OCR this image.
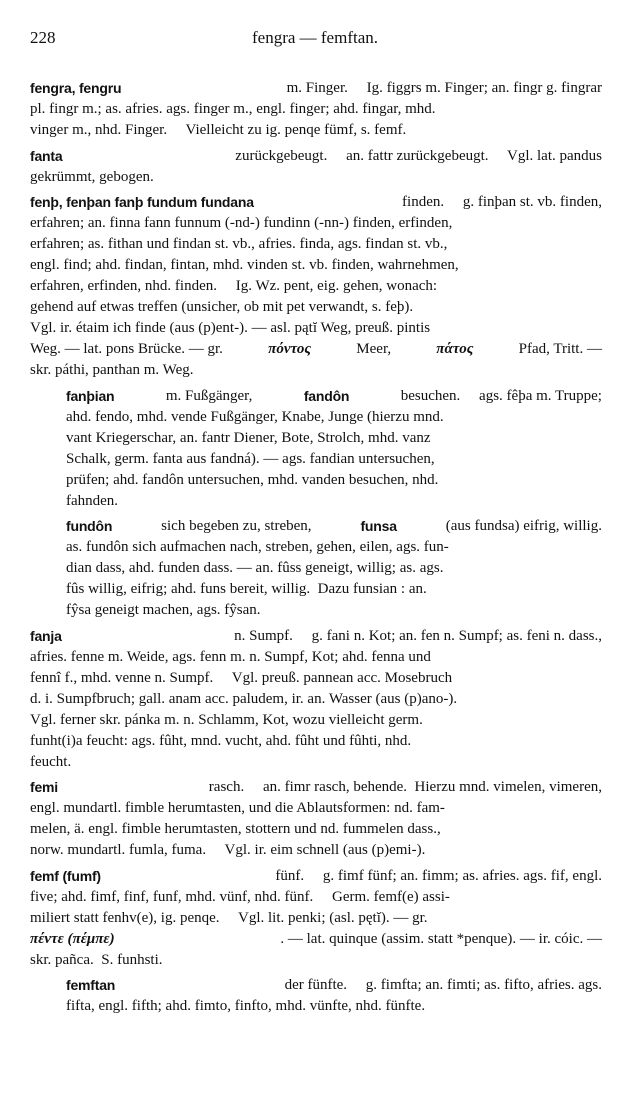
228	fengra — femftan.
fengra, fengru	m. Finger.     Ig. figgrs m. Finger; an. fingr g. fingrar
pl. fingr m.; as. afries. ags. finger m., engl. finger; ahd. fingar, mhd.
vinger m., nhd. Finger.     Vielleicht zu ig. penqe fümf, s. femf.
fanta	zurückgebeugt.     an. fattr zurückgebeugt.     Vgl. lat. pandus
gekrümmt, gebogen.
fenþ, fenþan fanþ fundum fundana	finden.     g. finþan st. vb. finden,
erfahren; an. finna fann funnum (-nd-) fundinn (-nn-) finden, erfinden,
erfahren; as. fithan und findan st. vb., afries. finda, ags. findan st. vb.,
engl. find; ahd. findan, fintan, mhd. vinden st. vb. finden, wahrnehmen,
erfahren, erfinden, nhd. finden.     Ig. Wz. pent, eig. gehen, wonach:
gehend auf etwas treffen (unsicher, ob mit pet verwandt, s. feþ).
Vgl. ir. étaim ich finde (aus (p)ent-). — asl. pątĭ Weg, preuß. pintis
Weg. — lat. pons Brücke. — gr.	πόντος	Meer,	πάτος	Pfad, Tritt. —
skr. páthi, panthan m. Weg.
fanþian	m. Fußgänger,	fandôn	besuchen.     ags. fêþa m. Truppe;
ahd. fendo, mhd. vende Fußgänger, Knabe, Junge (hierzu mnd.
vant Kriegerschar, an. fantr Diener, Bote, Strolch, mhd. vanz
Schalk, germ. fanta aus fandná). — ags. fandian untersuchen,
prüfen; ahd. fandôn untersuchen, mhd. vanden besuchen, nhd.
fahnden.
fundôn	sich begeben zu, streben,	funsa	(aus fundsa) eifrig, willig.
as. fundôn sich aufmachen nach, streben, gehen, eilen, ags. fun-
dian dass, ahd. funden dass. — an. fûss geneigt, willig; as. ags.
fûs willig, eifrig; ahd. funs bereit, willig.  Dazu funsian : an.
fŷsa geneigt machen, ags. fŷsan.
fanja	n. Sumpf.     g. fani n. Kot; an. fen n. Sumpf; as. feni n. dass.,
afries. fenne m. Weide, ags. fenn m. n. Sumpf, Kot; ahd. fenna und
fennî f., mhd. venne n. Sumpf.     Vgl. preuß. pannean acc. Mosebruch
d. i. Sumpfbruch; gall. anam acc. paludem, ir. an. Wasser (aus (p)ano-).
Vgl. ferner skr. pánka m. n. Schlamm, Kot, wozu vielleicht germ.
funht(i)a feucht: ags. fûht, mnd. vucht, ahd. fûht und fûhti, nhd.
feucht.
femi	rasch.     an. fimr rasch, behende.  Hierzu mnd. vimelen, vimeren,
engl. mundartl. fimble herumtasten, und die Ablautsformen: nd. fam-
melen, ä. engl. fimble herumtasten, stottern und nd. fummelen dass.,
norw. mundartl. fumla, fuma.     Vgl. ir. eim schnell (aus (p)emi-).
femf (fumf)	fünf.     g. fimf fünf; an. fimm; as. afries. ags. fif, engl.
five; ahd. fimf, finf, funf, mhd. vünf, nhd. fünf.     Germ. femf(e) assi-
miliert statt fenhv(e), ig. penqe.     Vgl. lit. penki; (asl. pętĭ). — gr.
πέντε (πέμπε)	. — lat. quinque (assim. statt *penque). — ir. cóic. —
skr. pañca.  S. funhsti.
femftan	der fünfte.     g. fimfta; an. fimti; as. fifto, afries. ags.
fifta, engl. fifth; ahd. fimto, finfto, mhd. vünfte, nhd. fünfte.
